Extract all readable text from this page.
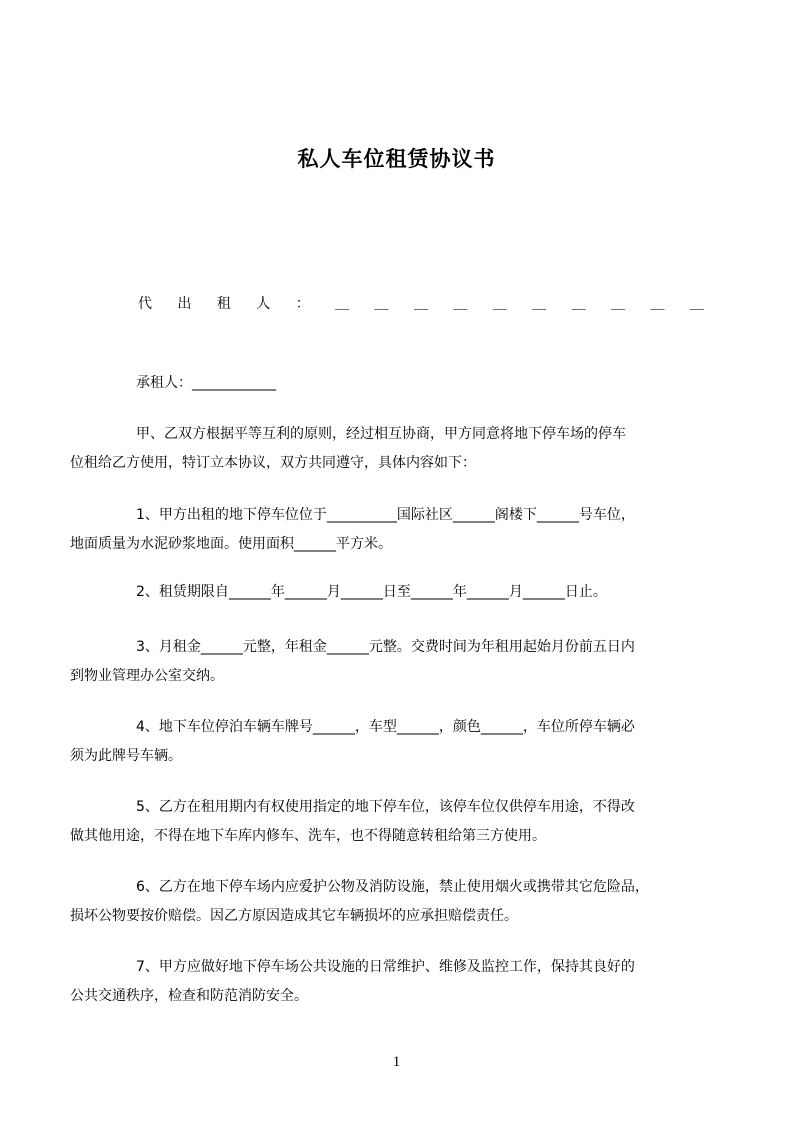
私人车位租赁协议书
代 出 租 人 ： ＿ ＿ ＿ ＿ ＿ ＿ ＿ ＿ ＿ ＿
承租人：____________

甲、乙双方根据平等互利的原则，经过相互协商，甲方同意将地下停车场的停车
位租给乙方使用，特订立本协议，双方共同遵守，具体内容如下：

1、甲方出租的地下停车位位于__________国际社区______阁楼下______号车位，
地面质量为水泥砂浆地面。使用面积______平方米。

2、租赁期限自______年______月______日至______年______月______日止。

3、月租金______元整，年租金______元整。交费时间为年租用起始月份前五日内
到物业管理办公室交纳。

4、地下车位停泊车辆车牌号______，车型______，颜色______，车位所停车辆必
须为此牌号车辆。

5、乙方在租用期内有权使用指定的地下停车位，该停车位仅供停车用途，不得改
做其他用途，不得在地下车库内修车、洗车，也不得随意转租给第三方使用。

6、乙方在地下停车场内应爱护公物及消防设施，禁止使用烟火或携带其它危险品，
损坏公物要按价赔偿。因乙方原因造成其它车辆损坏的应承担赔偿责任。

7、甲方应做好地下停车场公共设施的日常维护、维修及监控工作，保持其良好的
公共交通秩序，检查和防范消防安全。

1
